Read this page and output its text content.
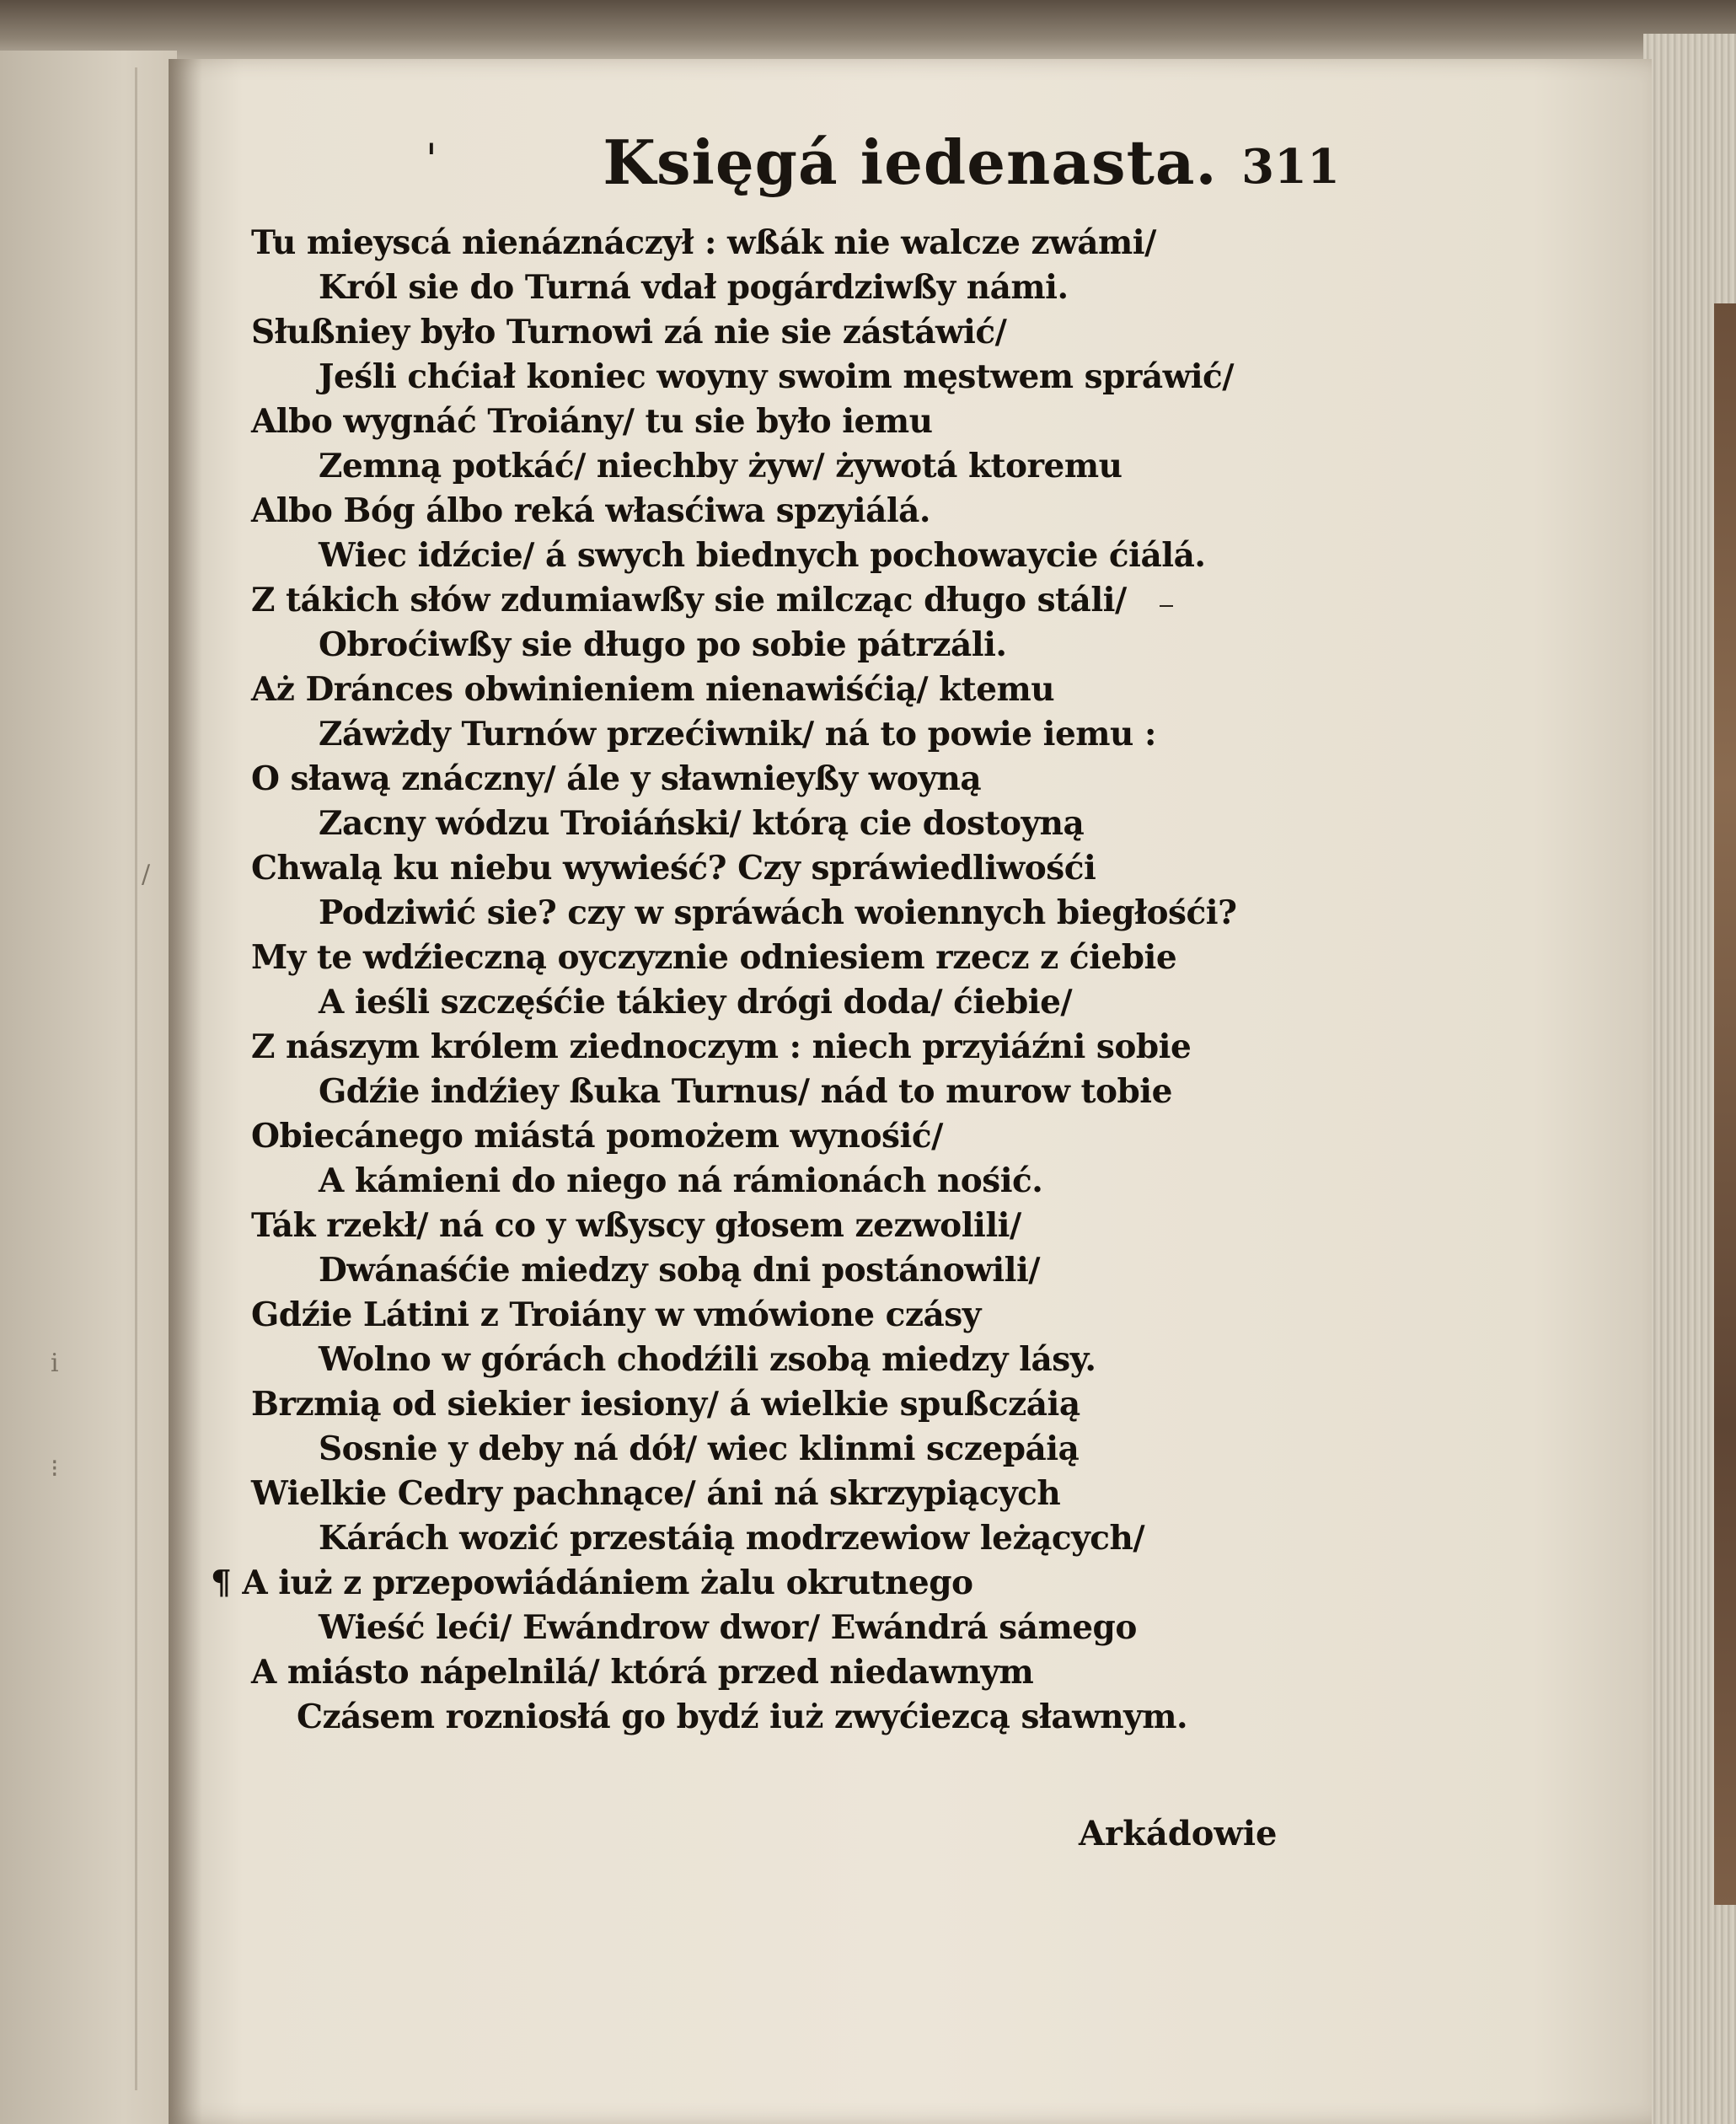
/
i
⁝
'	Księgá iedenasta. 311
Tu mieyscá nienáznáczył : wßák nie walcze zwámi/
Król sie do Turná vdał pogárdziwßy námi.
Słußniey było Turnowi zá nie sie zástáwić/
Jeśli chćiał koniec woyny swoim męstwem spráwić/
Albo wygnáć Troiány/ tu sie było iemu
Zemną potkáć/ niechby żyw/ żywotá ktoremu
Albo Bóg álbo reká własćiwa spzyiálá.
Wiec idźcie/ á swych biednych pochowaycie ćiálá.
Z tákich słów zdumiawßy sie milcząc długo stáli/
Obroćiwßy sie długo po sobie pátrzáli.
Aż Dránces obwinieniem nienawiśćią/ ktemu
Záwżdy Turnów przećiwnik/ ná to powie iemu :
O sławą znáczny/ ále y sławnieyßy woyną
Zacny wódzu Troiáński/ którą cie dostoyną
Chwalą ku niebu wywieść? Czy spráwiedliwośći
Podziwić sie? czy w spráwách woiennych biegłośći?
My te wdźieczną oyczyznie odniesiem rzecz z ćiebie
A ieśli szczęśćie tákiey drógi doda/ ćiebie/
Z nászym królem ziednoczym : niech przyiáźni sobie
Gdźie indźiey ßuka Turnus/ nád to murow tobie
Obiecánego miástá pomożem wynośić/
A kámieni do niego ná rámionách nośić.
Ták rzekł/ ná co y wßyscy głosem zezwolili/
Dwánaśćie miedzy sobą dni postánowili/
Gdźie Látini z Troiány w vmówione czásy
Wolno w górách chodźili zsobą miedzy lásy.
Brzmią od siekier iesiony/ á wielkie spußczáią
Sosnie y deby ná dół/ wiec klinmi sczepáią
Wielkie Cedry pachnące/ áni ná skrzypiących
Kárách wozić przestáią modrzewiow leżących/
¶ A iuż z przepowiádániem żalu okrutnego
Wieść leći/ Ewándrow dwor/ Ewándrá sámego
A miásto nápelnilá/ którá przed niedawnym
Czásem rozniosłá go bydź iuż zwyćiezcą sławnym.
Arkádowie
